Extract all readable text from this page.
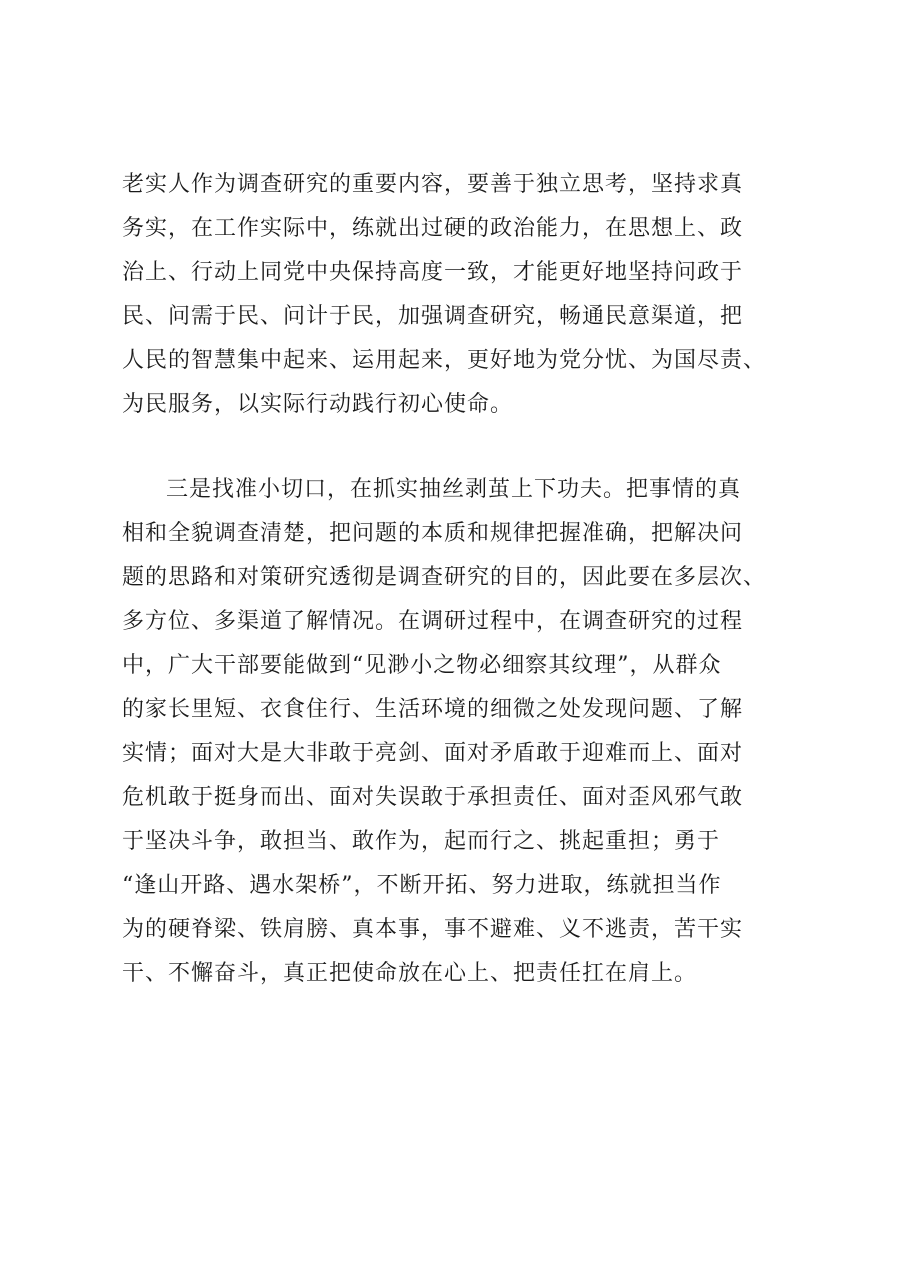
老实人作为调查研究的重要内容，要善于独立思考，坚持求真
务实，在工作实际中，练就出过硬的政治能力，在思想上、政
治上、行动上同党中央保持高度一致，才能更好地坚持问政于
民、问需于民、问计于民，加强调查研究，畅通民意渠道，把
人民的智慧集中起来、运用起来，更好地为党分忧、为国尽责、
为民服务，以实际行动践行初心使命。
三是找准小切口，在抓实抽丝剥茧上下功夫。把事情的真
相和全貌调查清楚，把问题的本质和规律把握准确，把解决问
题的思路和对策研究透彻是调查研究的目的，因此要在多层次、
多方位、多渠道了解情况。在调研过程中，在调查研究的过程
中，广大干部要能做到“见渺小之物必细察其纹理”，从群众
的家长里短、衣食住行、生活环境的细微之处发现问题、了解
实情；面对大是大非敢于亮剑、面对矛盾敢于迎难而上、面对
危机敢于挺身而出、面对失误敢于承担责任、面对歪风邪气敢
于坚决斗争，敢担当、敢作为，起而行之、挑起重担；勇于
“逢山开路、遇水架桥”，不断开拓、努力进取，练就担当作
为的硬脊梁、铁肩膀、真本事，事不避难、义不逃责，苦干实
干、不懈奋斗，真正把使命放在心上、把责任扛在肩上。
